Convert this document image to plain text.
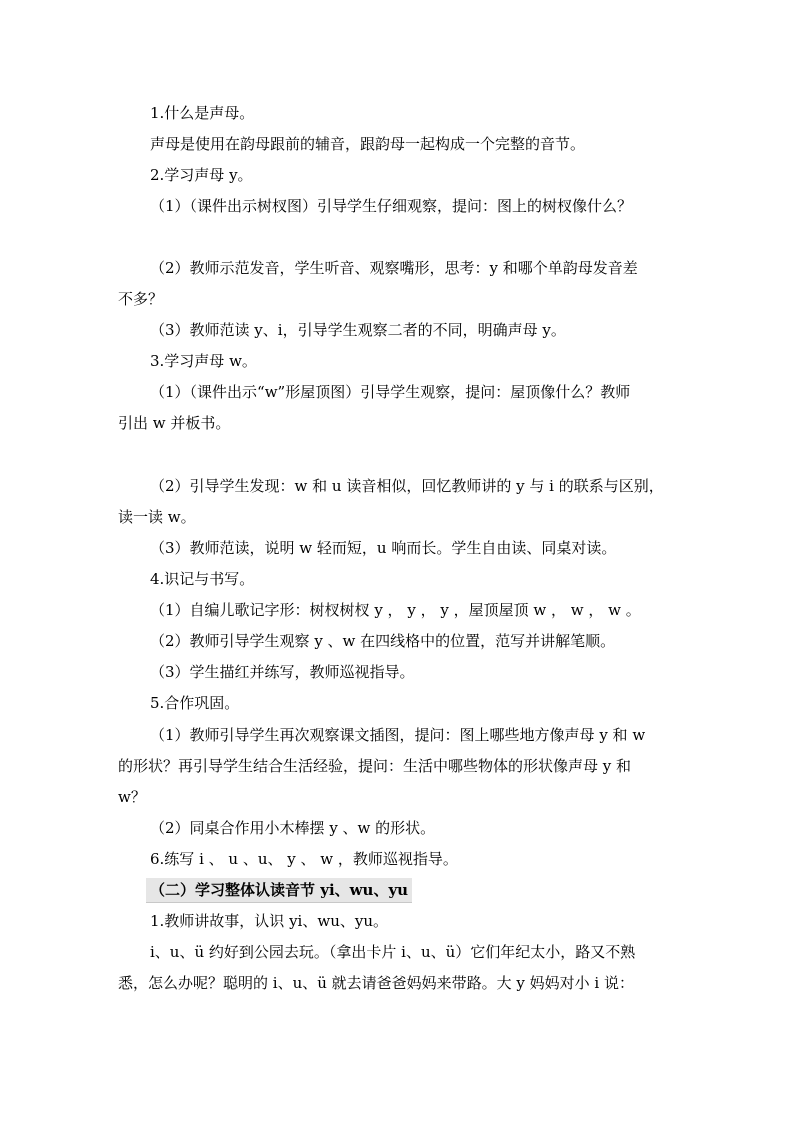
1.什么是声母。
声母是使用在韵母跟前的辅音，跟韵母一起构成一个完整的音节。
2.学习声母 y。
（1）（课件出示树杈图）引导学生仔细观察，提问：图上的树杈像什么？
（2）教师示范发音，学生听音、观察嘴形，思考：y 和哪个单韵母发音差
不多？
（3）教师范读 y、i，引导学生观察二者的不同，明确声母 y。
3.学习声母 w。
（1）（课件出示“w”形屋顶图）引导学生观察，提问：屋顶像什么？教师
引出 w 并板书。
（2）引导学生发现：w 和 u 读音相似，回忆教师讲的 y 与 i 的联系与区别，
读一读 w。
（3）教师范读，说明 w 轻而短，u 响而长。学生自由读、同桌对读。
4.识记与书写。
（1）自编儿歌记字形：树杈树杈 y ， y ， y ，屋顶屋顶 w ， w ， w 。
（2）教师引导学生观察 y 、w 在四线格中的位置，范写并讲解笔顺。
（3）学生描红并练写，教师巡视指导。
5.合作巩固。
（1）教师引导学生再次观察课文插图，提问：图上哪些地方像声母 y 和 w
的形状？再引导学生结合生活经验，提问：生活中哪些物体的形状像声母 y 和
w？
（2）同桌合作用小木棒摆 y 、w 的形状。
6.练写 i 、 u 、u、 y 、 w ，教师巡视指导。
（二）学习整体认读音节 yi、wu、yu
1.教师讲故事，认识 yi、wu、yu。
i、u、ü 约好到公园去玩。（拿出卡片 i、u、ü）它们年纪太小，路又不熟
悉，怎么办呢？聪明的 i、u、ü 就去请爸爸妈妈来带路。大 y 妈妈对小 i 说：
